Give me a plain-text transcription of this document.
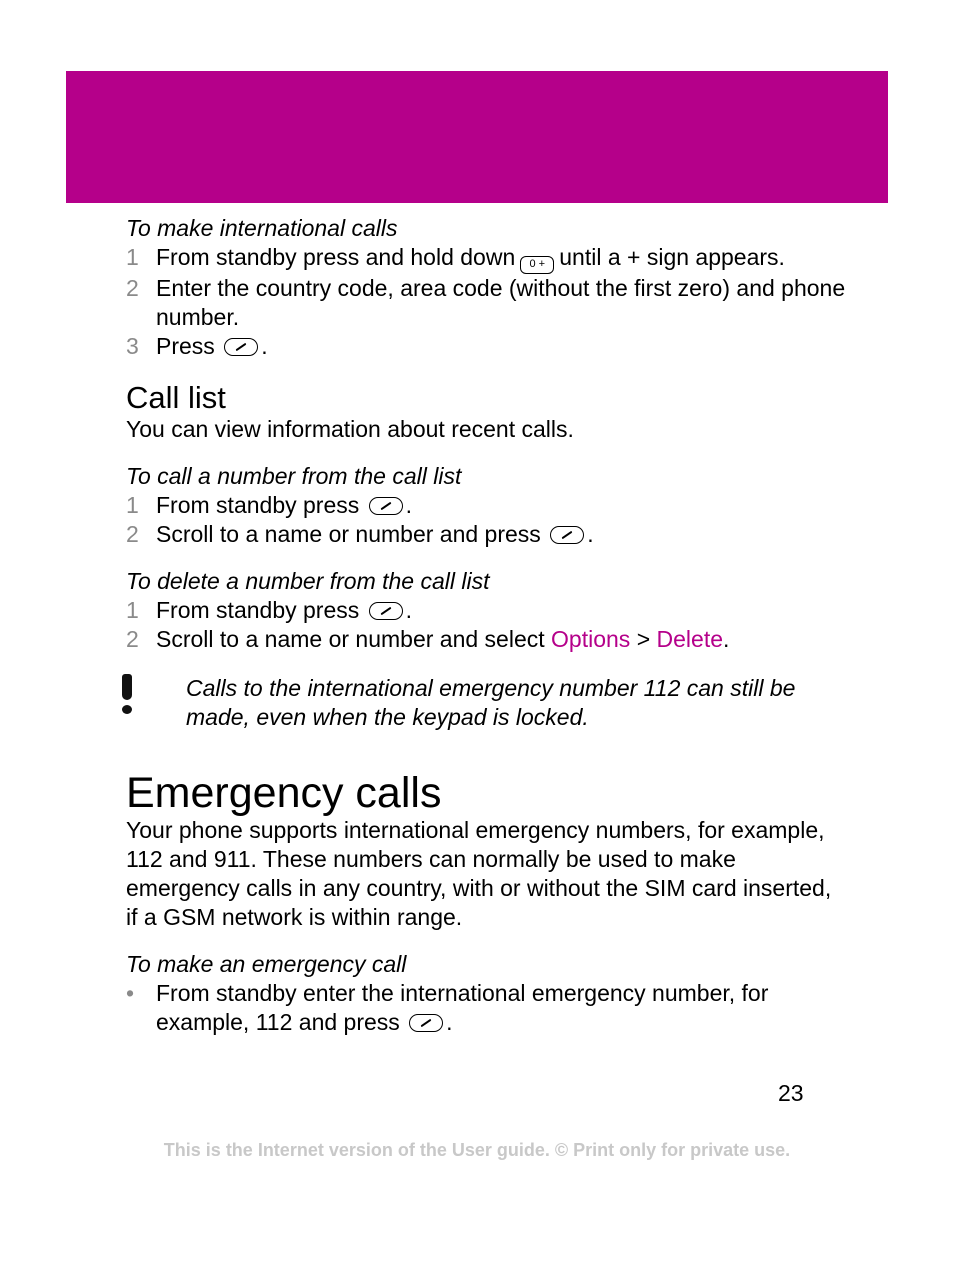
To make international calls
1 From standby press and hold down 0 + until a + sign appears.
2 Enter the country code, area code (without the first zero) and phone number.
3 Press .
Call list
You can view information about recent calls.
To call a number from the call list
1 From standby press .
2 Scroll to a name or number and press .
To delete a number from the call list
1 From standby press .
2 Scroll to a name or number and select Options > Delete.
Calls to the international emergency number 112 can still be made, even when the keypad is locked.
Emergency calls
Your phone supports international emergency numbers, for example, 112 and 911. These numbers can normally be used to make emergency calls in any country, with or without the SIM card inserted, if a GSM network is within range.
To make an emergency call
• From standby enter the international emergency number, for example, 112 and press .
23
This is the Internet version of the User guide. © Print only for private use.
